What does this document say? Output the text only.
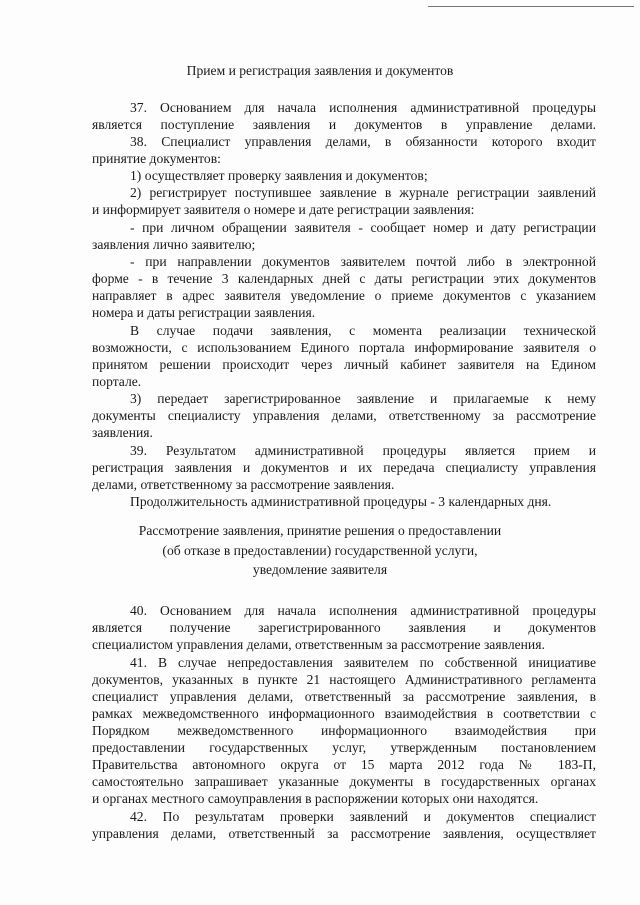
Прием и регистрация заявления и документов
37. Основанием для начала исполнения административной процедуры
является поступление заявления и документов в управление делами.
38. Специалист управления делами, в обязанности которого входит
принятие документов:
1) осуществляет проверку заявления и документов;
2) регистрирует поступившее заявление в журнале регистрации заявлений
и информирует заявителя о номере и дате регистрации заявления:
- при личном обращении заявителя - сообщает номер и дату регистрации
заявления лично заявителю;
- при направлении документов заявителем почтой либо в электронной
форме - в течение 3 календарных дней с даты регистрации этих документов
направляет в адрес заявителя уведомление о приеме документов с указанием
номера и даты регистрации заявления.
В случае подачи заявления, с момента реализации технической
возможности, с использованием Единого портала информирование заявителя о
принятом решении происходит через личный кабинет заявителя на Едином
портале.
3) передает зарегистрированное заявление и прилагаемые к нему
документы специалисту управления делами, ответственному за рассмотрение
заявления.
39. Результатом административной процедуры является прием и
регистрация заявления и документов и их передача специалисту управления
делами, ответственному за рассмотрение заявления.
Продолжительность административной процедуры - 3 календарных дня.
Рассмотрение заявления, принятие решения о предоставлении
(об отказе в предоставлении) государственной услуги,
уведомление заявителя
40. Основанием для начала исполнения административной процедуры
является получение зарегистрированного заявления и документов
специалистом управления делами, ответственным за рассмотрение заявления.
41. В случае непредоставления заявителем по собственной инициативе
документов, указанных в пункте 21 настоящего Административного регламента
специалист управления делами, ответственный за рассмотрение заявления, в
рамках межведомственного информационного взаимодействия в соответствии с
Порядком межведомственного информационного взаимодействия при
предоставлении государственных услуг, утвержденным постановлением
Правительства автономного округа от 15 марта 2012 года № 183-П,
самостоятельно запрашивает указанные документы в государственных органах
и органах местного самоуправления в распоряжении которых они находятся.
42. По результатам проверки заявлений и документов специалист
управления делами, ответственный за рассмотрение заявления, осуществляет
